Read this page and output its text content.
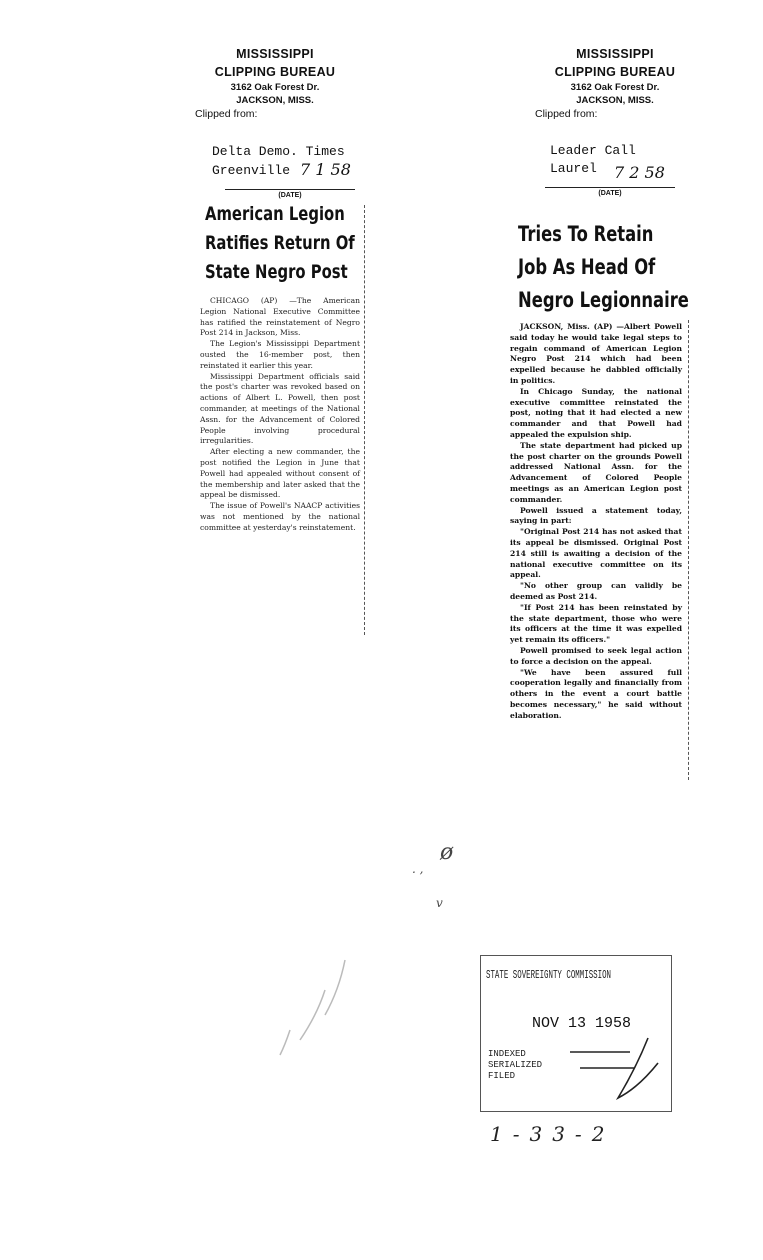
MISSISSIPPI
CLIPPING BUREAU
3162 Oak Forest Dr.
JACKSON, MISS.
Clipped from:
Delta Demo. Times
Greenville 7 1 58
(DATE)
American Legion
Ratifies Return Of
State Negro Post

CHICAGO (AP) —The American Legion National Executive Committee has ratified the reinstatement of Negro Post 214 in Jackson, Miss.

The Legion's Mississippi Department ousted the 16-member post, then reinstated it earlier this year.

Mississippi Department officials said the post's charter was revoked based on actions of Albert L. Powell, then post commander, at meetings of the National Assn. for the Advancement of Colored People involving procedural irregularities.

After electing a new commander, the post notified the Legion in June that Powell had appealed without consent of the membership and later asked that the appeal be dismissed.

The issue of Powell's NAACP activities was not mentioned by the national committee at yesterday's reinstatement.

MISSISSIPPI
CLIPPING BUREAU
3162 Oak Forest Dr.
JACKSON, MISS.
Clipped from:
Leader Call
Laurel 7 2 58
(DATE)
Tries To Retain
Job As Head Of
Negro Legionnaire

JACKSON, Miss. (AP) —Albert Powell said today he would take legal steps to regain command of American Legion Negro Post 214 which had been expelled because he dabbled officially in politics.

In Chicago Sunday, the national executive committee reinstated the post, noting that it had elected a new commander and that Powell had appealed the expulsion ship.

The state department had picked up the post charter on the grounds Powell addressed National Assn. for the Advancement of Colored People meetings as an American Legion post commander.

Powell issued a statement today, saying in part:

"Original Post 214 has not asked that its appeal be dismissed. Original Post 214 still is awaiting a decision of the national executive committee on its appeal.

"No other group can validly be deemed as Post 214.

"If Post 214 has been reinstated by the state department, those who were its officers at the time it was expelled yet remain its officers."

Powell promised to seek legal action to force a decision on the appeal.

"We have been assured full cooperation legally and financially from others in the event a court battle becomes necessary," he said without elaboration.

ø
. ,
v
STATE SOVEREIGNTY COMMISSION
NOV 13 1958
INDEXED
SERIALIZED
FILED
1-33-2
